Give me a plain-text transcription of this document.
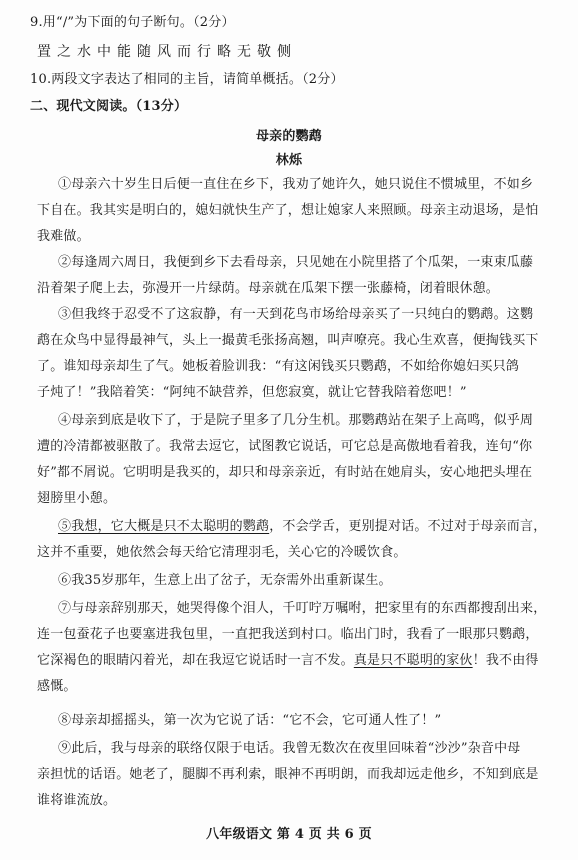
9.用“/”为下面的句子断句。（2分）
置之水中能随风而行略无敬侧
10.两段文字表达了相同的主旨，请简单概括。（2分）
二、现代文阅读。（13分）
母亲的鹦鹉
林烁
①母亲六十岁生日后便一直住在乡下，我劝了她许久，她只说住不惯城里，不如乡
下自在。我其实是明白的，媳妇就快生产了，想让媳家人来照顾。母亲主动退场，是怕
我难做。
②每逢周六周日，我便到乡下去看母亲，只见她在小院里搭了个瓜架，一束束瓜藤
沿着架子爬上去，弥漫开一片绿荫。母亲就在瓜架下摆一张藤椅，闭着眼休憩。
③但我终于忍受不了这寂静，有一天到花鸟市场给母亲买了一只纯白的鹦鹉。这鹦
鹉在众鸟中显得最神气，头上一撮黄毛张扬高翘，叫声嘹亮。我心生欢喜，便掏钱买下
了。谁知母亲却生了气。她板着脸训我：“有这闲钱买只鹦鹉，不如给你媳妇买只鸽
子炖了！”我陪着笑：“阿纯不缺营养，但您寂寞，就让它替我陪着您吧！”
④母亲到底是收下了，于是院子里多了几分生机。那鹦鹉站在架子上高鸣，似乎周
遭的冷清都被驱散了。我常去逗它，试图教它说话，可它总是高傲地看着我，连句“你
好”都不屑说。它明明是我买的，却只和母亲亲近，有时站在她肩头，安心地把头埋在
翅膀里小憩。
⑤我想，它大概是只不太聪明的鹦鹉，不会学舌，更别提对话。不过对于母亲而言，
这并不重要，她依然会每天给它清理羽毛，关心它的冷暖饮食。
⑥我35岁那年，生意上出了岔子，无奈需外出重新谋生。
⑦与母亲辞别那天，她哭得像个泪人，千叮咛万嘱咐，把家里有的东西都搜刮出来，
连一包蚕花子也要塞进我包里，一直把我送到村口。临出门时，我看了一眼那只鹦鹉，
它深褐色的眼睛闪着光，却在我逗它说话时一言不发。真是只不聪明的家伙！我不由得
感慨。
⑧母亲却摇摇头，第一次为它说了话：“它不会，它可通人性了！”
⑨此后，我与母亲的联络仅限于电话。我曾无数次在夜里回味着“沙沙”杂音中母
亲担忧的话语。她老了，腿脚不再利索，眼神不再明朗，而我却远走他乡，不知到底是
谁将谁流放。
八年级语文 第 4 页 共 6 页
